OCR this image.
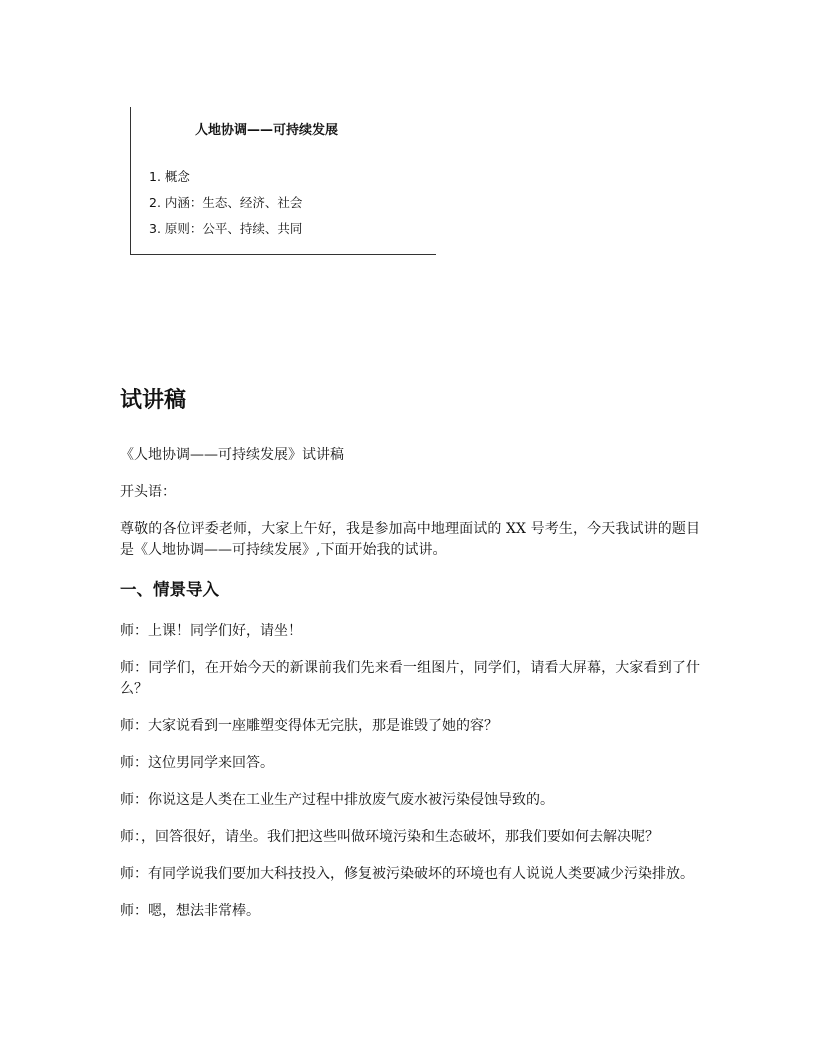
人地协调——可持续发展
1. 概念
2. 内涵：生态、经济、社会
3. 原则：公平、持续、共同
试讲稿

《人地协调——可持续发展》试讲稿

开头语：

尊敬的各位评委老师，大家上午好，我是参加高中地理面试的 XX 号考生，今天我试讲的题目是《人地协调——可持续发展》,下面开始我的试讲。

一、情景导入

师：上课！同学们好，请坐！

师：同学们，在开始今天的新课前我们先来看一组图片，同学们，请看大屏幕，大家看到了什么？

师：大家说看到一座雕塑变得体无完肤，那是谁毁了她的容？

师：这位男同学来回答。

师：你说这是人类在工业生产过程中排放废气废水被污染侵蚀导致的。

师：，回答很好，请坐。我们把这些叫做环境污染和生态破坏，那我们要如何去解决呢？

师：有同学说我们要加大科技投入，修复被污染破坏的环境也有人说说人类要减少污染排放。

师：嗯，想法非常棒。
